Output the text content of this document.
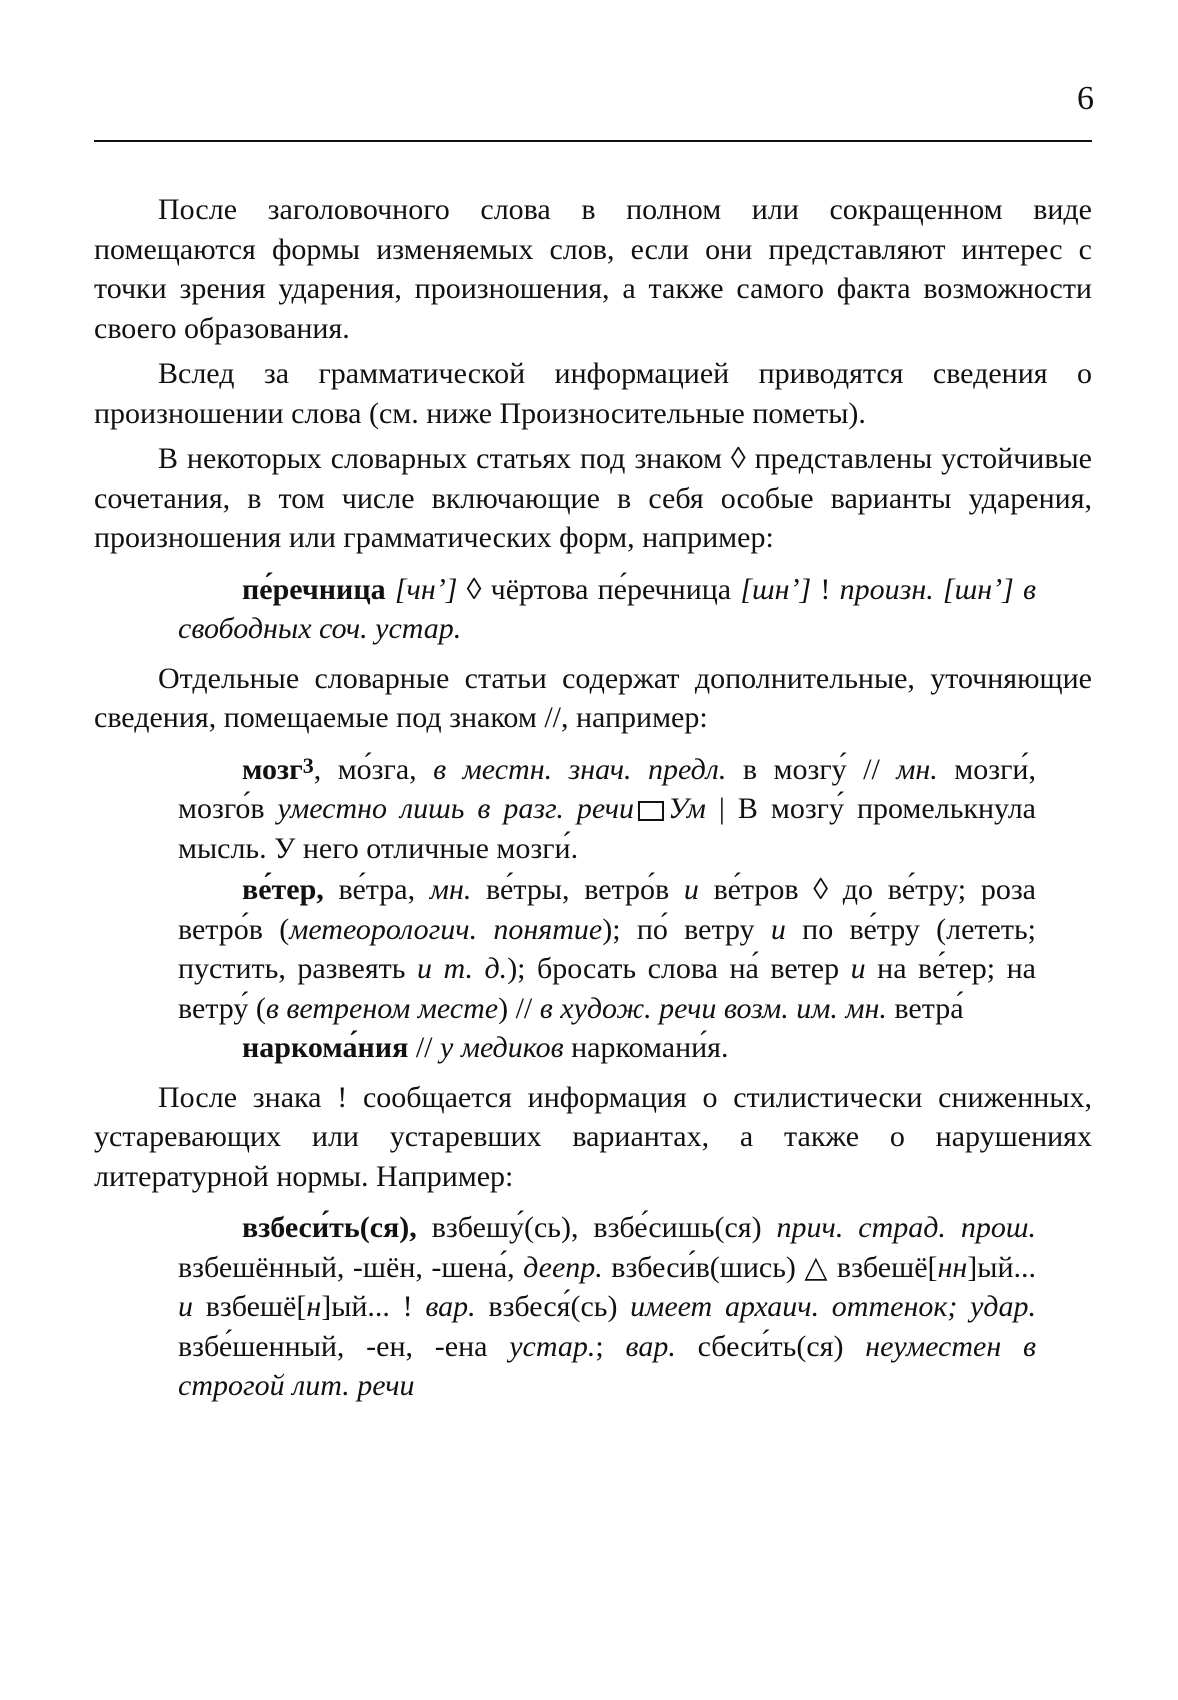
6

После заголовочного слова в полном или сокращенном виде помещаются формы изменяемых слов, если они представляют интерес с точки зрения ударения, произношения, а также самого факта возможности своего образования.

Вслед за грамматической информацией приводятся сведения о произношении слова (см. ниже Произносительные пометы).

В некоторых словарных статьях под знаком ◊ представлены устойчивые сочетания, в том числе включающие в себя особые варианты ударения, произношения или грамматических форм, например:

пе́речница [чнʼ] ◊ чёртова пе́речница [шнʼ] ! произн. [шнʼ] в свободных соч. устар.

Отдельные словарные статьи содержат дополнительные, уточняющие сведения, помещаемые под знаком //, например:

мозг$^3$, мо́зга, в местн. знач. предл. в мозгу́ // мн. мозги́, мозго́в уместно лишь в разг. речи Ум | В мозгу́ промелькнула мысль. У него отличные мозги́.
ве́тер, ве́тра, мн. ве́тры, ветро́в и ве́тров ◊ до ве́тру; роза ветро́в (метеорологич. понятие); по́ ветру и по ве́тру (лететь; пустить, развеять и т. д.); бросать слова на́ ветер и на ве́тер; на ветру́ (в ветреном месте) // в худож. речи возм. им. мн. ветра́
наркома́ния // у медиков наркомани́я.

После знака ! сообщается информация о стилистически сниженных, устаревающих или устаревших вариантах, а также о нарушениях литературной нормы. Например:

взбеси́ть(ся), взбешу́(сь), взбе́сишь(ся) прич. страд. прош. взбешённый, -шён, -шена́, деепр. взбеси́в(шись) △ взбешё[нн]ый... и взбешё[н]ый... ! вар. взбеся́(сь) имеет архаич. оттенок; удар. взбе́шенный, -ен, -ена устар.; вар. сбеси́ть(ся) неуместен в строгой лит. речи
